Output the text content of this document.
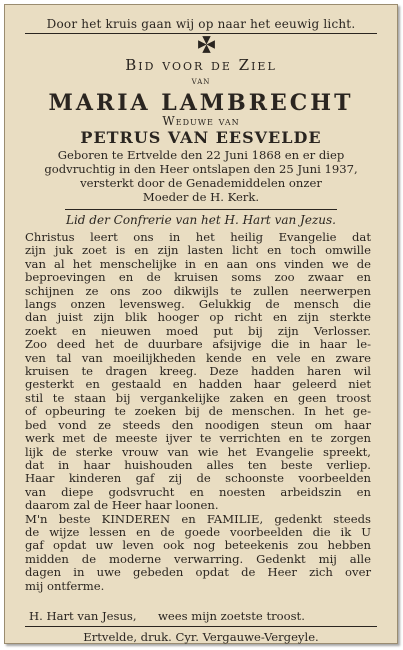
Door het kruis gaan wij op naar het eeuwig licht.
Bid voor de Ziel
van
MARIA LAMBRECHT
Weduwe van
PETRUS VAN EESVELDE
Geboren te Ertvelde den 22 Juni 1868 en er diep
godvruchtig in den Heer ontslapen den 25 Juni 1937,
versterkt door de Genademiddelen onzer
Moeder de H. Kerk.
Lid der Confrerie van het H. Hart van Jezus.
Christus leert ons in het heilig Evangelie dat
zijn juk zoet is en zijn lasten licht en toch omwille
van al het menschelijke in en aan ons vinden we de
beproevingen en de kruisen soms zoo zwaar en
schijnen ze ons zoo dikwijls te zullen neerwerpen
langs onzen levensweg. Gelukkig de mensch die
dan juist zijn blik hooger op richt en zijn sterkte
zoekt en nieuwen moed put bij zijn Verlosser.
Zoo deed het de duurbare afsijvige die in haar le-
ven tal van moeilijkheden kende en vele en zware
kruisen te dragen kreeg. Deze hadden haren wil
gesterkt en gestaald en hadden haar geleerd niet
stil te staan bij vergankelijke zaken en geen troost
of opbeuring te zoeken bij de menschen. In het ge-
bed vond ze steeds den noodigen steun om haar
werk met de meeste ijver te verrichten en te zorgen
lijk de sterke vrouw van wie het Evangelie spreekt,
dat in haar huishouden alles ten beste verliep.
Haar kinderen gaf zij de schoonste voorbeelden
van diepe godsvrucht en noesten arbeidszin en
daarom zal de Heer haar loonen.
M'n beste KINDEREN en FAMILIE, gedenkt steeds
de wijze lessen en de goede voorbeelden die ik U
gaf opdat uw leven ook nog beteekenis zou hebben
midden de moderne verwarring. Gedenkt mij alle
dagen in uwe gebeden opdat de Heer zich over
mij ontferme.
H. Hart van Jesus, wees mijn zoetste troost.
Ertvelde, druk. Cyr. Vergauwe-Vergeyle.
